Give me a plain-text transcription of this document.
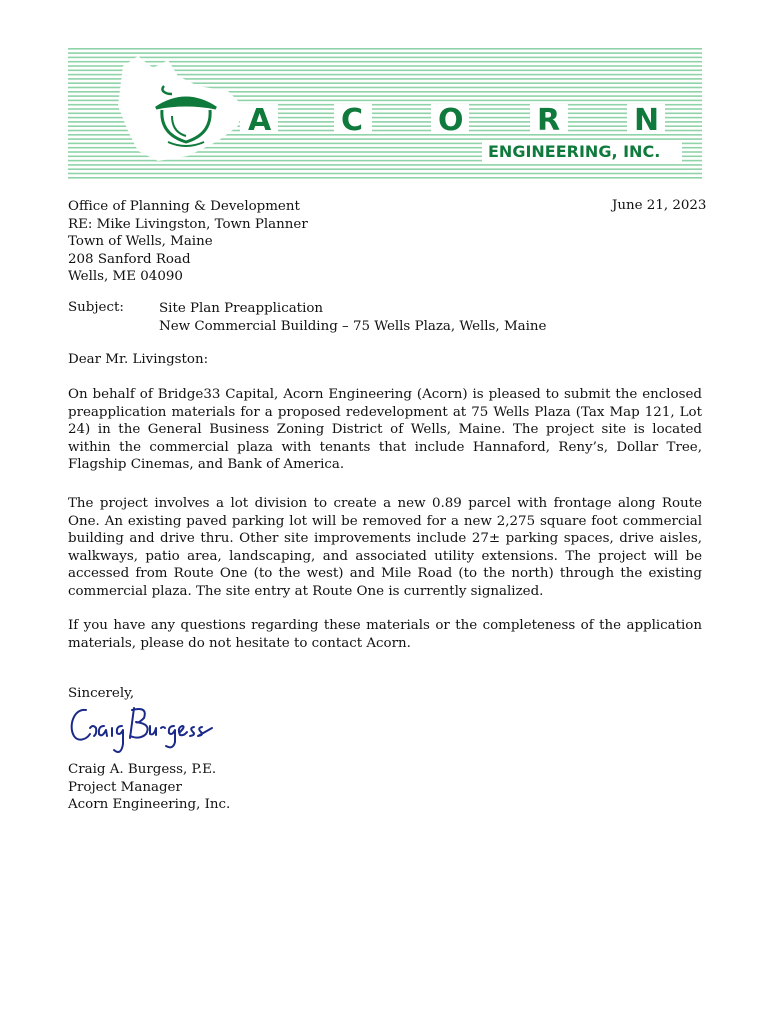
A C O R N
ENGINEERING, INC.
June 21, 2023
Office of Planning & Development
RE: Mike Livingston, Town Planner
Town of Wells, Maine
208 Sanford Road
Wells, ME 04090
Subject:	Site Plan Preapplication
New Commercial Building – 75 Wells Plaza, Wells, Maine
Dear Mr. Livingston:
On behalf of Bridge33 Capital, Acorn Engineering (Acorn) is pleased to submit the enclosed preapplication materials for a proposed redevelopment at 75 Wells Plaza (Tax Map 121, Lot 24) in the General Business Zoning District of Wells, Maine. The project site is located within the commercial plaza with tenants that include Hannaford, Reny’s, Dollar Tree, Flagship Cinemas, and Bank of America.
The project involves a lot division to create a new 0.89 parcel with frontage along Route One. An existing paved parking lot will be removed for a new 2,275 square foot commercial building and drive thru. Other site improvements include 27± parking spaces, drive aisles, walkways, patio area, landscaping, and associated utility extensions. The project will be accessed from Route One (to the west) and Mile Road (to the north) through the existing commercial plaza. The site entry at Route One is currently signalized.
If you have any questions regarding these materials or the completeness of the application materials, please do not hesitate to contact Acorn.
Sincerely,
Craig A. Burgess, P.E.
Project Manager
Acorn Engineering, Inc.
